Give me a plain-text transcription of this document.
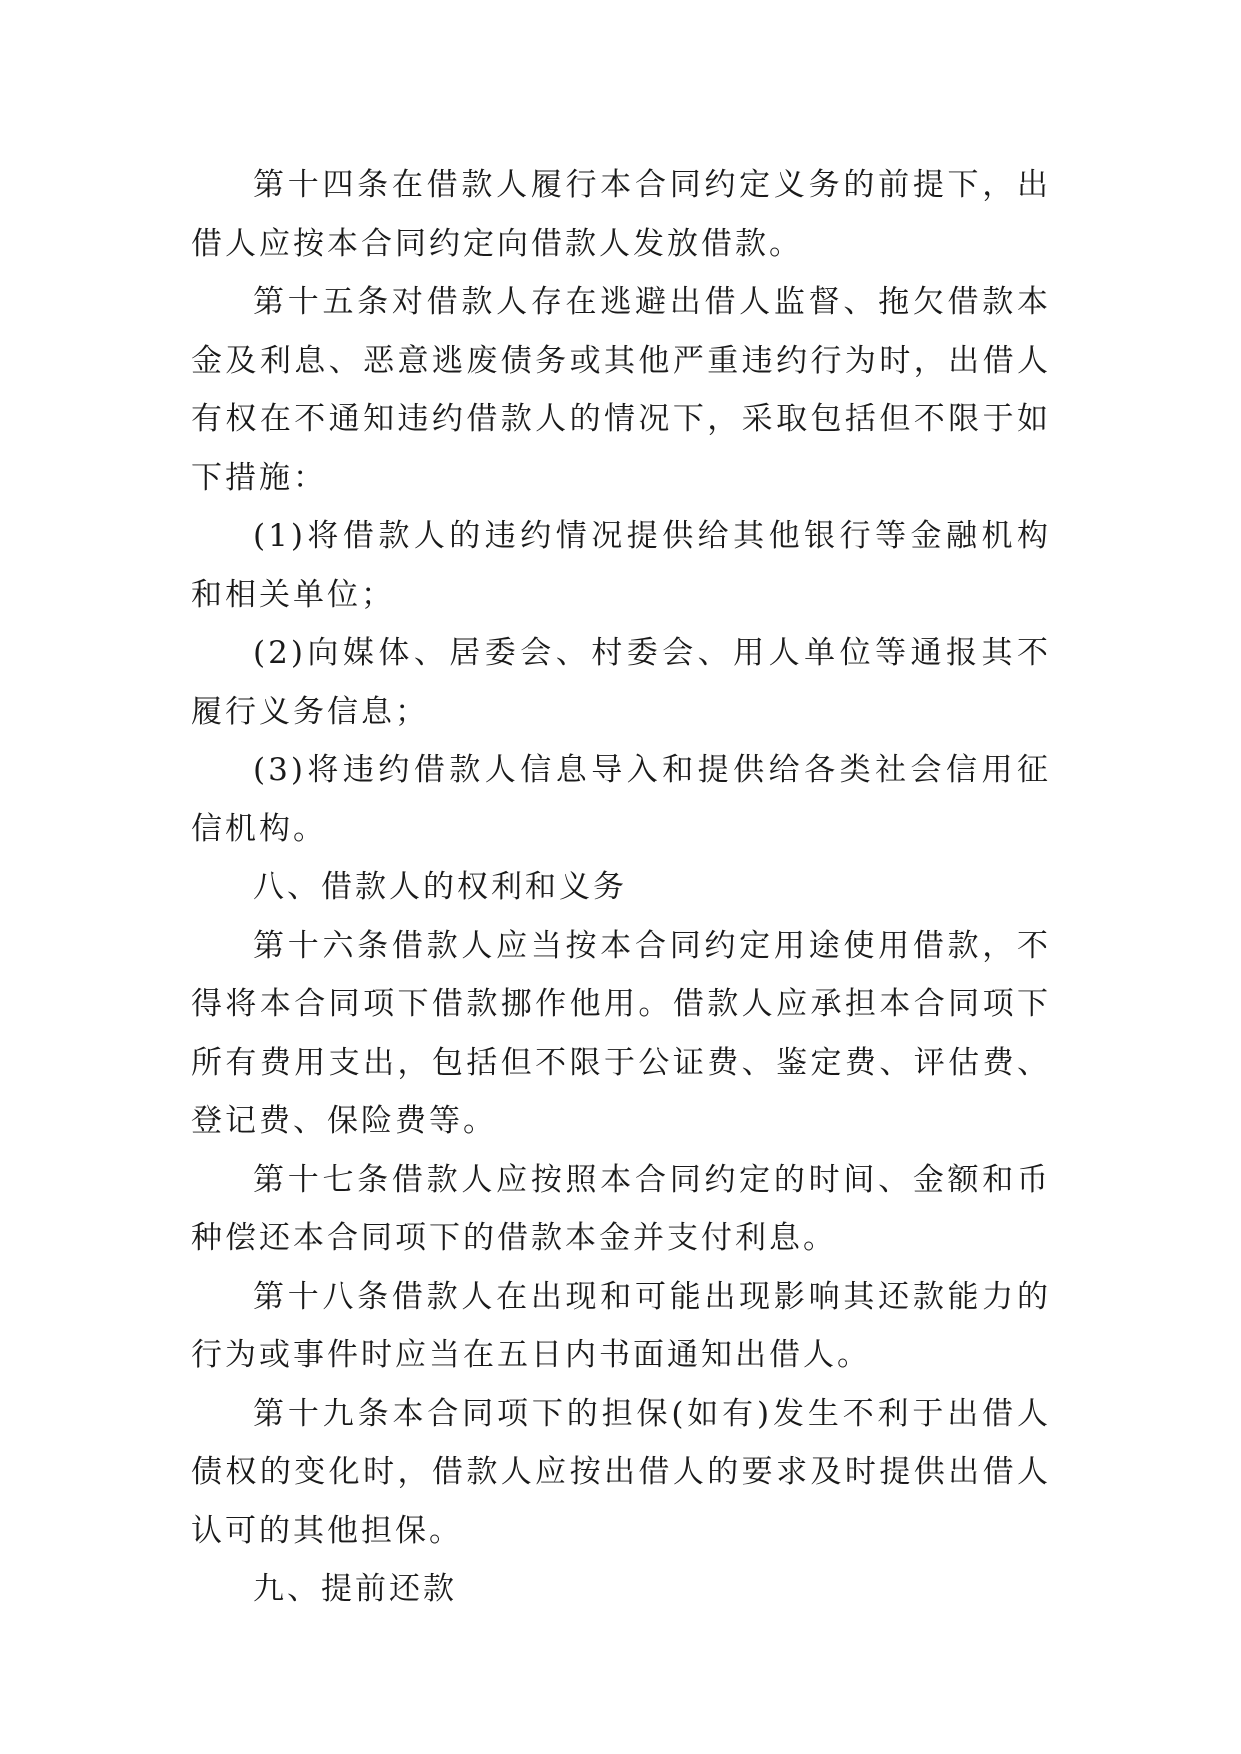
第十四条在借款人履行本合同约定义务的前提下，出借人应按本合同约定向借款人发放借款。

第十五条对借款人存在逃避出借人监督、拖欠借款本金及利息、恶意逃废债务或其他严重违约行为时，出借人有权在不通知违约借款人的情况下，采取包括但不限于如下措施：

(1)将借款人的违约情况提供给其他银行等金融机构和相关单位；

(2)向媒体、居委会、村委会、用人单位等通报其不履行义务信息；

(3)将违约借款人信息导入和提供给各类社会信用征信机构。

八、借款人的权利和义务

第十六条借款人应当按本合同约定用途使用借款，不得将本合同项下借款挪作他用。借款人应承担本合同项下所有费用支出，包括但不限于公证费、鉴定费、评估费、登记费、保险费等。

第十七条借款人应按照本合同约定的时间、金额和币种偿还本合同项下的借款本金并支付利息。

第十八条借款人在出现和可能出现影响其还款能力的行为或事件时应当在五日内书面通知出借人。

第十九条本合同项下的担保(如有)发生不利于出借人债权的变化时，借款人应按出借人的要求及时提供出借人认可的其他担保。

九、提前还款
